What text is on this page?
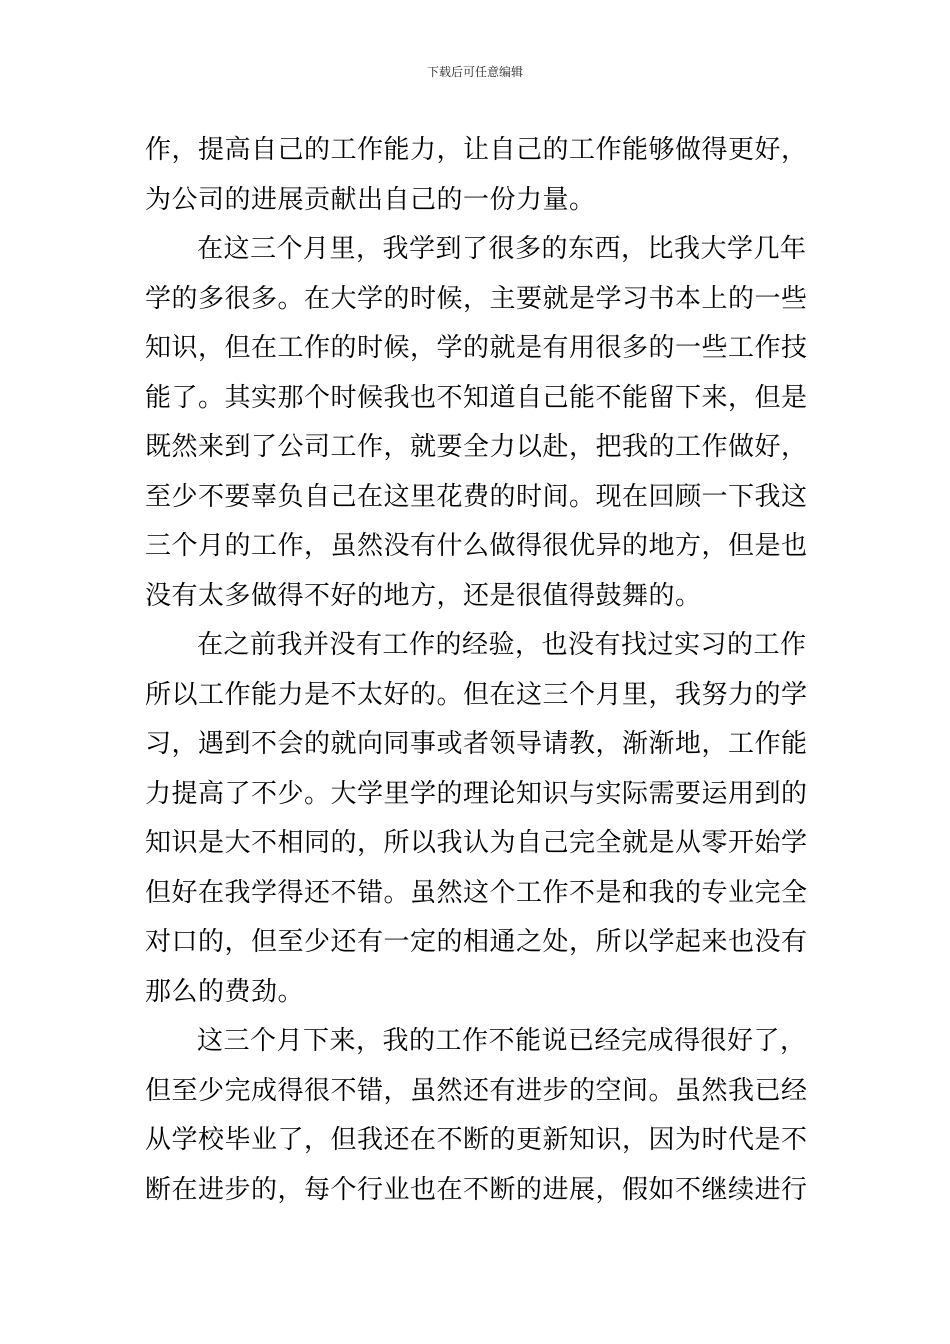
下载后可任意编辑
作，提高自己的工作能力，让自己的工作能够做得更好，
为公司的进展贡献出自己的一份力量。
在这三个月里，我学到了很多的东西，比我大学几年
学的多很多。在大学的时候，主要就是学习书本上的一些
知识，但在工作的时候，学的就是有用很多的一些工作技
能了。其实那个时候我也不知道自己能不能留下来，但是
既然来到了公司工作，就要全力以赴，把我的工作做好，
至少不要辜负自己在这里花费的时间。现在回顾一下我这
三个月的工作，虽然没有什么做得很优异的地方，但是也
没有太多做得不好的地方，还是很值得鼓舞的。
在之前我并没有工作的经验，也没有找过实习的工作
所以工作能力是不太好的。但在这三个月里，我努力的学
习，遇到不会的就向同事或者领导请教，渐渐地，工作能
力提高了不少。大学里学的理论知识与实际需要运用到的
知识是大不相同的，所以我认为自己完全就是从零开始学
但好在我学得还不错。虽然这个工作不是和我的专业完全
对口的，但至少还有一定的相通之处，所以学起来也没有
那么的费劲。
这三个月下来，我的工作不能说已经完成得很好了，
但至少完成得很不错，虽然还有进步的空间。虽然我已经
从学校毕业了，但我还在不断的更新知识，因为时代是不
断在进步的，每个行业也在不断的进展，假如不继续进行
